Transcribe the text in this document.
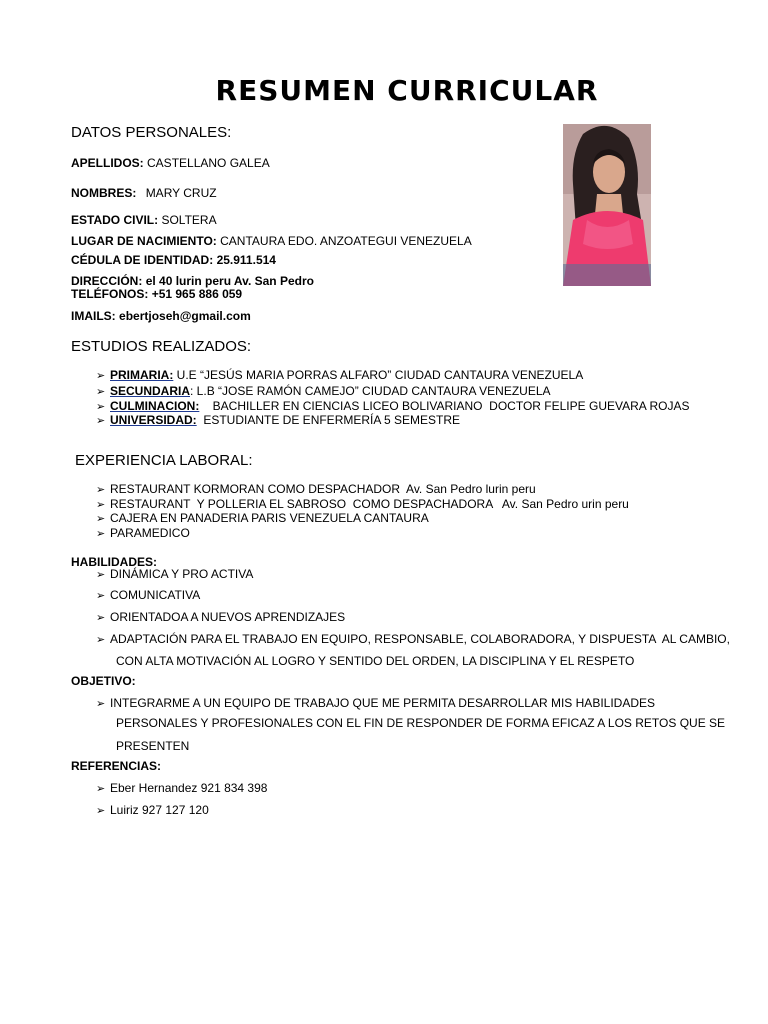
RESUMEN CURRICULAR
DATOS PERSONALES:
APELLIDOS: CASTELLANO GALEA
NOMBRES: MARY CRUZ
ESTADO CIVIL: SOLTERA
LUGAR DE NACIMIENTO: CANTAURA EDO. ANZOATEGUI VENEZUELA
CÉDULA DE IDENTIDAD: 25.911.514
DIRECCIÓN: el 40 lurin peru Av. San Pedro
TELÉFONOS: +51 965 886 059
IMAILS: ebertjoseh@gmail.com
ESTUDIOS REALIZADOS:
➢ PRIMARIA: U.E “JESÚS MARIA PORRAS ALFARO” CIUDAD CANTAURA VENEZUELA
➢ SECUNDARIA: L.B “JOSE RAMÓN CAMEJO” CIUDAD CANTAURA VENEZUELA
➢ CULMINACION:    BACHILLER EN CIENCIAS LICEO BOLIVARIANO  DOCTOR FELIPE GUEVARA ROJAS
➢ UNIVERSIDAD:  ESTUDIANTE DE ENFERMERÍA 5 SEMESTRE
EXPERIENCIA LABORAL:
➢ RESTAURANT KORMORAN COMO DESPACHADOR  Av. San Pedro lurin peru
➢ RESTAURANT  Y POLLERIA EL SABROSO  COMO DESPACHADORA   Av. San Pedro urin peru
➢ CAJERA EN PANADERIA PARIS VENEZUELA CANTAURA
➢ PARAMEDICO
HABILIDADES:
➢ DINÁMICA Y PRO ACTIVA
➢ COMUNICATIVA
➢ ORIENTADOA A NUEVOS APRENDIZAJES
➢ ADAPTACIÓN PARA EL TRABAJO EN EQUIPO, RESPONSABLE, COLABORADORA, Y DISPUESTA  AL CAMBIO,
CON ALTA MOTIVACIÓN AL LOGRO Y SENTIDO DEL ORDEN, LA DISCIPLINA Y EL RESPETO
OBJETIVO:
➢ INTEGRARME A UN EQUIPO DE TRABAJO QUE ME PERMITA DESARROLLAR MIS HABILIDADES
PERSONALES Y PROFESIONALES CON EL FIN DE RESPONDER DE FORMA EFICAZ A LOS RETOS QUE SE
PRESENTEN
REFERENCIAS:
➢ Eber Hernandez 921 834 398
➢ Luiriz 927 127 120
